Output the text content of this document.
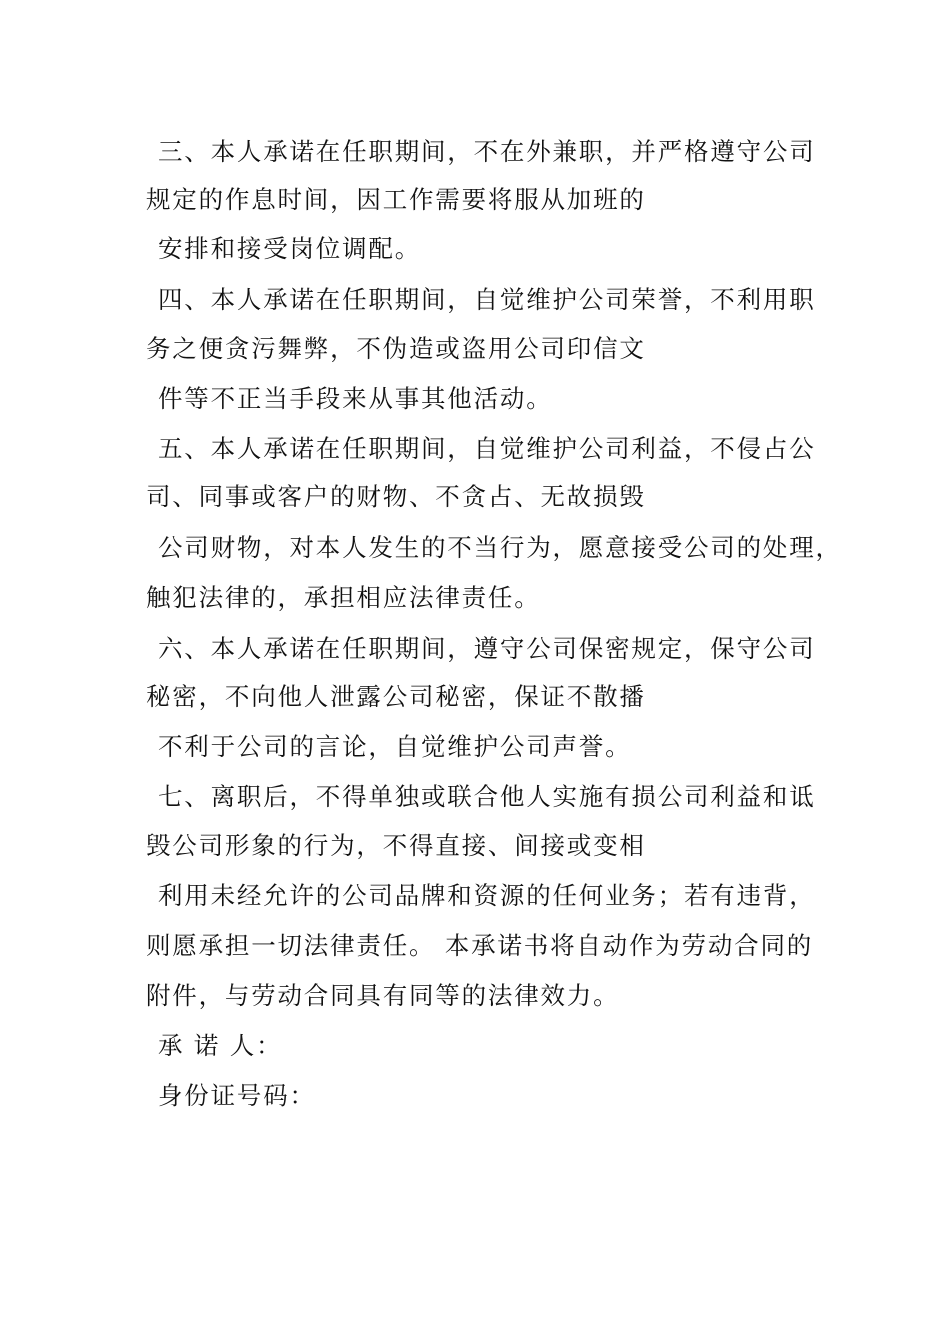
三、本人承诺在任职期间，不在外兼职，并严格遵守公司
规定的作息时间，因工作需要将服从加班的
安排和接受岗位调配。
四、本人承诺在任职期间，自觉维护公司荣誉，不利用职
务之便贪污舞弊，不伪造或盗用公司印信文
件等不正当手段来从事其他活动。
五、本人承诺在任职期间，自觉维护公司利益，不侵占公
司、同事或客户的财物、不贪占、无故损毁
公司财物，对本人发生的不当行为，愿意接受公司的处理，
触犯法律的，承担相应法律责任。
六、本人承诺在任职期间，遵守公司保密规定，保守公司
秘密，不向他人泄露公司秘密，保证不散播
不利于公司的言论，自觉维护公司声誉。
七、离职后，不得单独或联合他人实施有损公司利益和诋
毁公司形象的行为，不得直接、间接或变相
利用未经允许的公司品牌和资源的任何业务；若有违背，
则愿承担一切法律责任。 本承诺书将自动作为劳动合同的
附件，与劳动合同具有同等的法律效力。
承 诺 人：
身份证号码：
